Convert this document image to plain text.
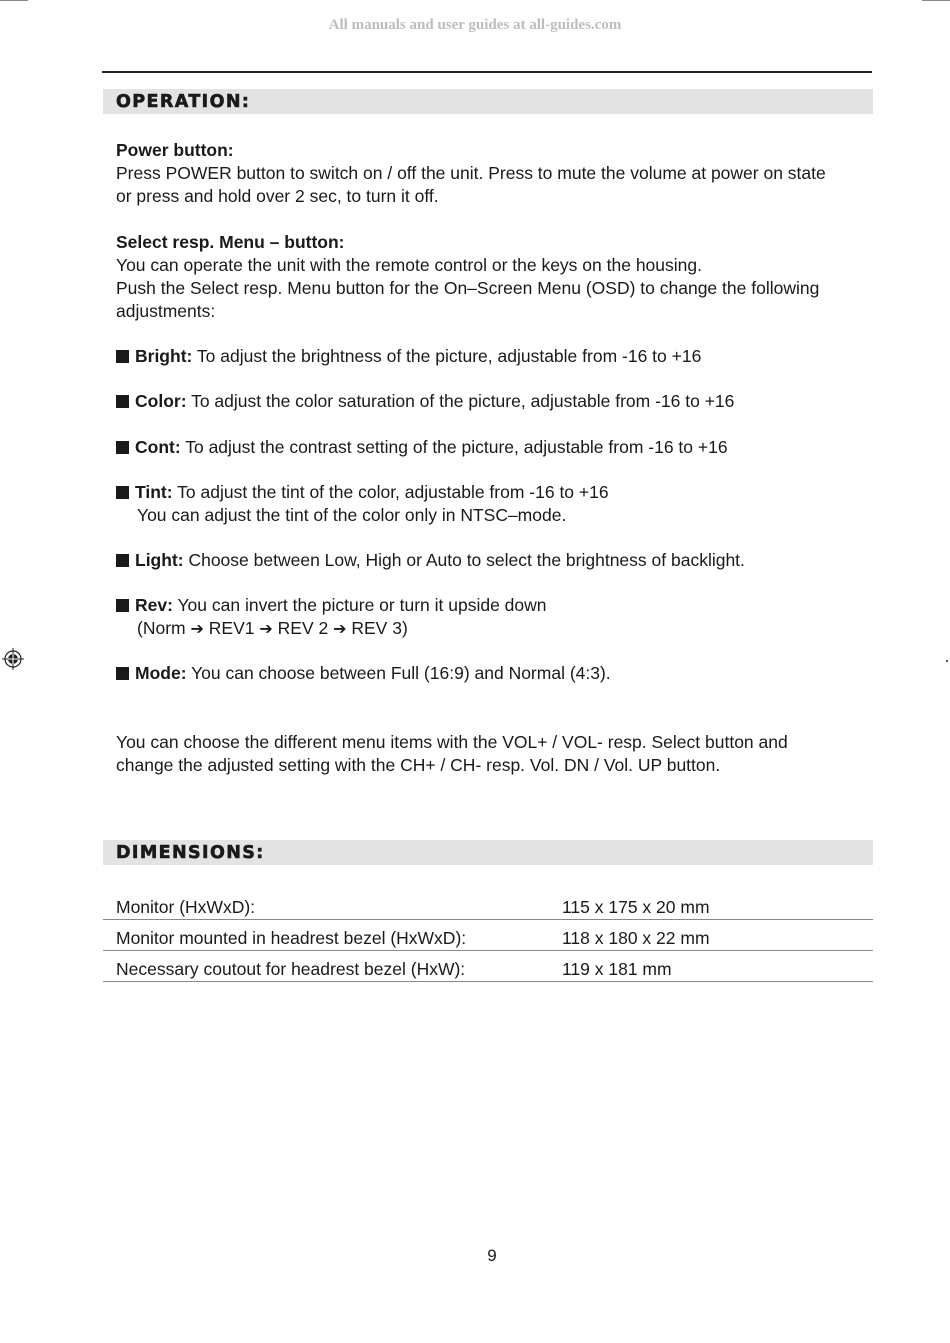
All manuals and user guides at all-guides.com
OPERATION:
Power button:
Press POWER button to switch on / off the unit. Press to mute the volume at power on state
or press and hold over 2 sec, to turn it off.
Select resp. Menu – button:
You can operate the unit with the remote control or the keys on the housing.
Push the Select resp. Menu button for the On–Screen Menu (OSD) to change the following
adjustments:
Bright: To adjust the brightness of the picture, adjustable from -16 to +16
Color: To adjust the color saturation of the picture, adjustable from -16 to +16
Cont: To adjust the contrast setting of the picture, adjustable from -16 to +16
Tint: To adjust the tint of the color, adjustable from -16 to +16
You can adjust the tint of the color only in NTSC–mode.
Light: Choose between Low, High or Auto to select the brightness of backlight.
Rev: You can invert the picture or turn it upside down
(Norm ➔ REV1 ➔ REV 2 ➔ REV 3)
Mode: You can choose between Full (16:9) and Normal (4:3).
You can choose the different menu items with the VOL+ / VOL- resp. Select button and
change the adjusted setting with the CH+ / CH- resp. Vol. DN / Vol. UP button.
DIMENSIONS:
Monitor (HxWxD):	115 x 175 x 20 mm
Monitor mounted in headrest bezel (HxWxD):	118 x 180 x 22 mm
Necessary coutout for headrest bezel (HxW):	119 x 181 mm
9
